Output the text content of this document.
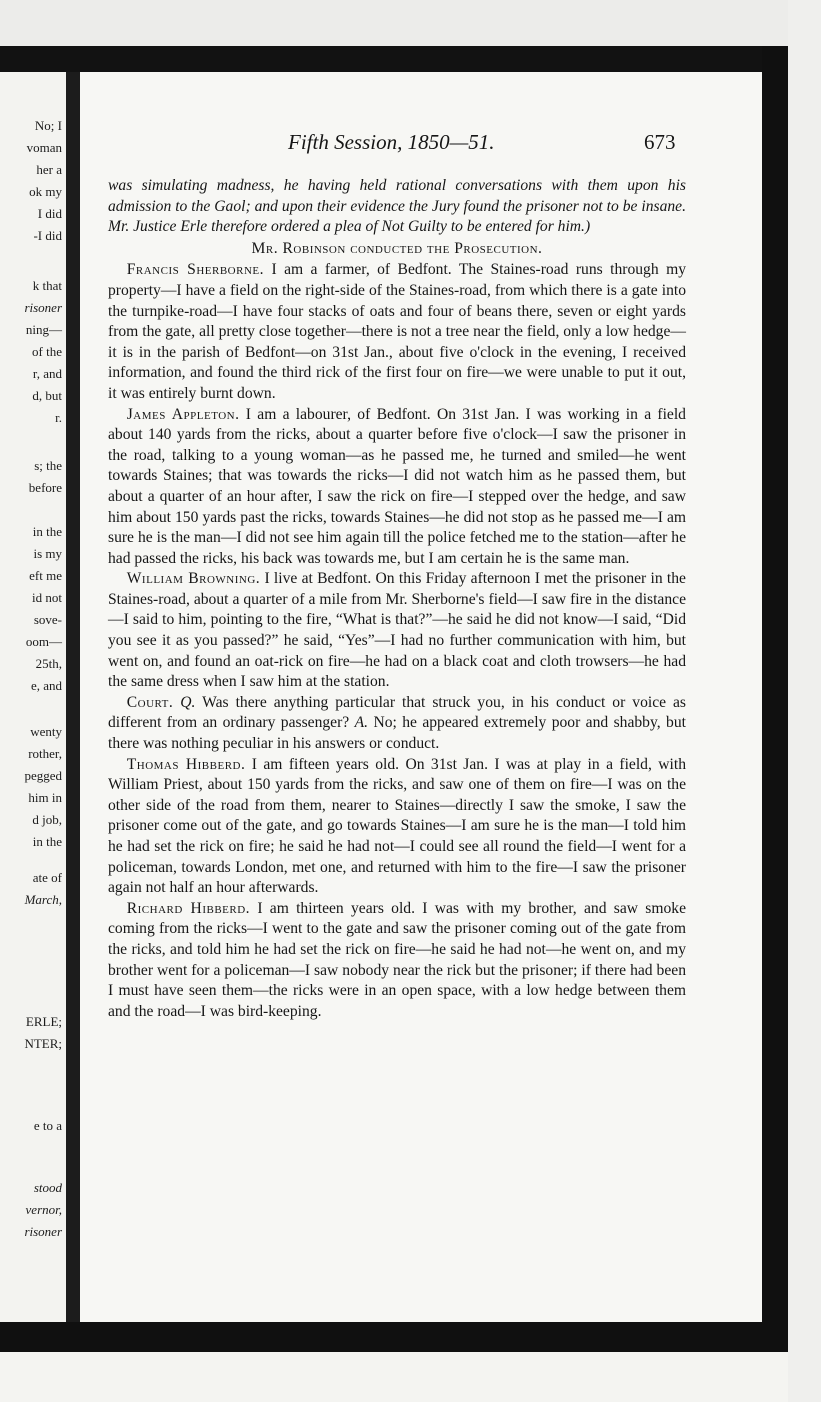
No; I
voman
her a
ok my
I did
-I did
k that
risoner
ning—
of the
r, and
d, but
r.
s; the
before
in the
is my
eft me
id not
sove-
oom—
25th,
e, and
wenty
rother,
pegged
him in
d job,
in the
ate of
March,
ERLE;
NTER;
e to a
stood
vernor,
risoner
Fifth Session, 1850—51.	673

was simulating madness, he having held rational conversations with them upon his admission to the Gaol; and upon their evidence the Jury found the prisoner not to be insane. Mr. Justice Erle therefore ordered a plea of Not Guilty to be entered for him.)

Mr. Robinson conducted the Prosecution.

Francis Sherborne. I am a farmer, of Bedfont. The Staines-road runs through my property—I have a field on the right-side of the Staines-road, from which there is a gate into the turnpike-road—I have four stacks of oats and four of beans there, seven or eight yards from the gate, all pretty close together—there is not a tree near the field, only a low hedge—it is in the parish of Bedfont—on 31st Jan., about five o'clock in the evening, I received information, and found the third rick of the first four on fire—we were unable to put it out, it was entirely burnt down.

James Appleton. I am a labourer, of Bedfont. On 31st Jan. I was working in a field about 140 yards from the ricks, about a quarter before five o'clock—I saw the prisoner in the road, talking to a young woman—as he passed me, he turned and smiled—he went towards Staines; that was towards the ricks—I did not watch him as he passed them, but about a quarter of an hour after, I saw the rick on fire—I stepped over the hedge, and saw him about 150 yards past the ricks, towards Staines—he did not stop as he passed me—I am sure he is the man—I did not see him again till the police fetched me to the station—after he had passed the ricks, his back was towards me, but I am certain he is the same man.

William Browning. I live at Bedfont. On this Friday afternoon I met the prisoner in the Staines-road, about a quarter of a mile from Mr. Sherborne's field—I saw fire in the distance—I said to him, pointing to the fire, “What is that?”—he said he did not know—I said, “Did you see it as you passed?” he said, “Yes”—I had no further communication with him, but went on, and found an oat-rick on fire—he had on a black coat and cloth trowsers—he had the same dress when I saw him at the station.

Court. Q. Was there anything particular that struck you, in his conduct or voice as different from an ordinary passenger? A. No; he appeared extremely poor and shabby, but there was nothing peculiar in his answers or conduct.

Thomas Hibberd. I am fifteen years old. On 31st Jan. I was at play in a field, with William Priest, about 150 yards from the ricks, and saw one of them on fire—I was on the other side of the road from them, nearer to Staines—directly I saw the smoke, I saw the prisoner come out of the gate, and go towards Staines—I am sure he is the man—I told him he had set the rick on fire; he said he had not—I could see all round the field—I went for a policeman, towards London, met one, and returned with him to the fire—I saw the prisoner again not half an hour afterwards.

Richard Hibberd. I am thirteen years old. I was with my brother, and saw smoke coming from the ricks—I went to the gate and saw the prisoner coming out of the gate from the ricks, and told him he had set the rick on fire—he said he had not—he went on, and my brother went for a policeman—I saw nobody near the rick but the prisoner; if there had been I must have seen them—the ricks were in an open space, with a low hedge between them and the road—I was bird-keeping.
